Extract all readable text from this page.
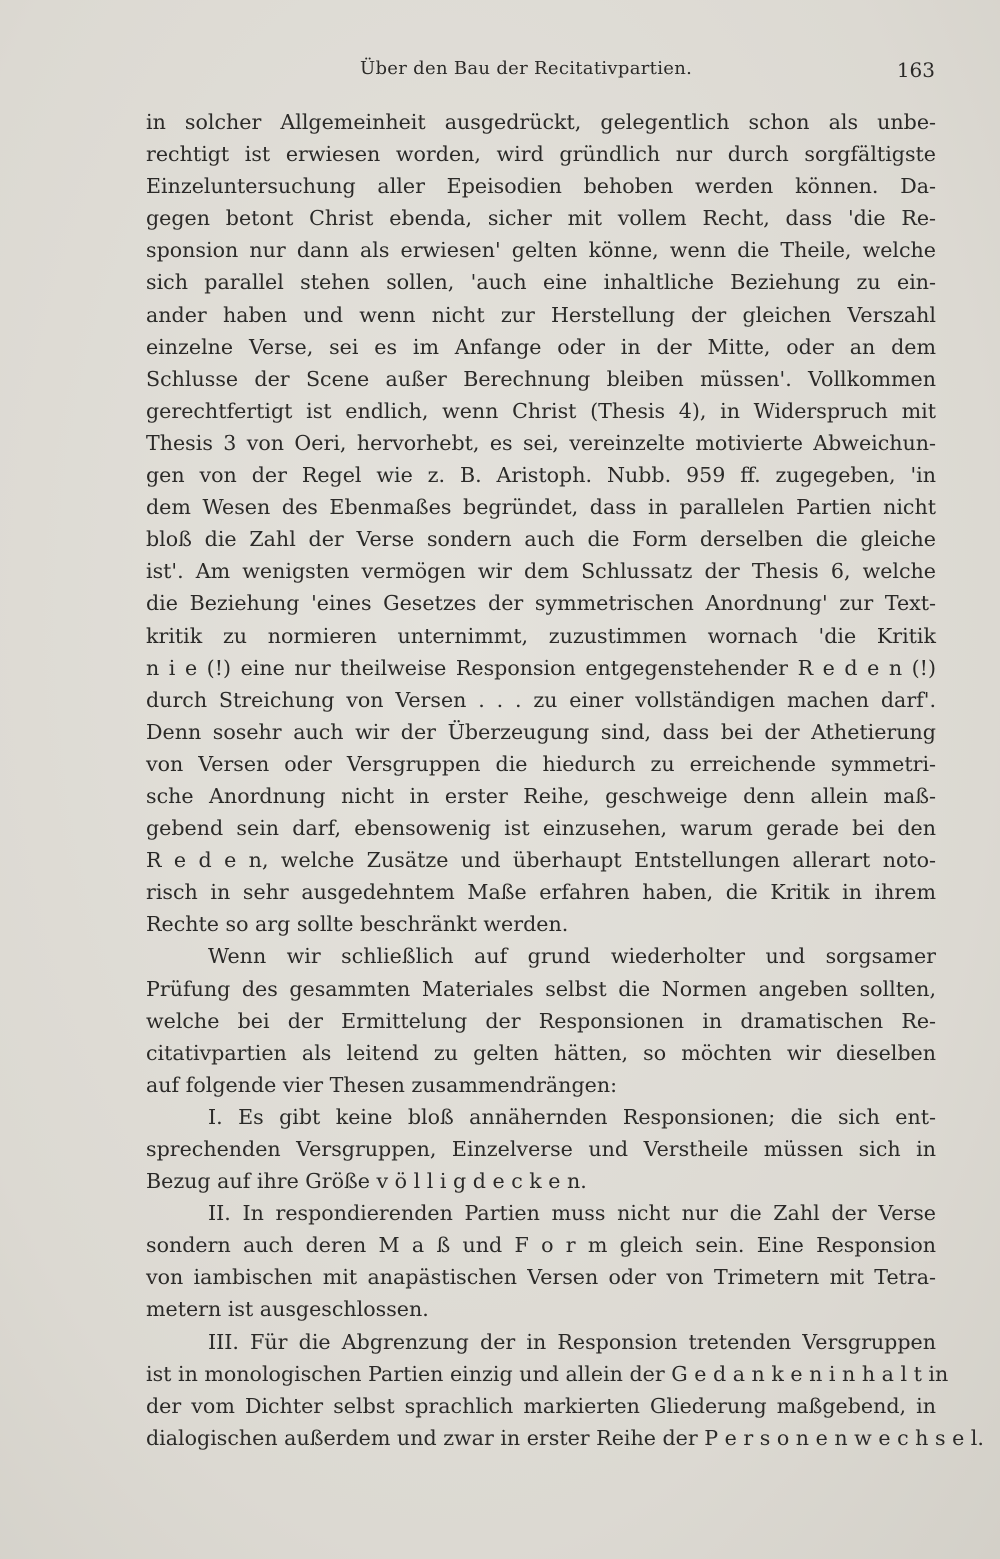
Über den Bau der Recitativpartien.	163
in solcher Allgemeinheit ausgedrückt, gelegentlich schon als unbe-
rechtigt ist erwiesen worden, wird gründlich nur durch sorgfältigste
Einzeluntersuchung aller Epeisodien behoben werden können. Da-
gegen betont Christ ebenda, sicher mit vollem Recht, dass 'die Re-
sponsion nur dann als erwiesen' gelten könne, wenn die Theile, welche
sich parallel stehen sollen, 'auch eine inhaltliche Beziehung zu ein-
ander haben und wenn nicht zur Herstellung der gleichen Verszahl
einzelne Verse, sei es im Anfange oder in der Mitte, oder an dem
Schlusse der Scene außer Berechnung bleiben müssen'. Vollkommen
gerechtfertigt ist endlich, wenn Christ (Thesis 4), in Widerspruch mit
Thesis 3 von Oeri, hervorhebt, es sei, vereinzelte motivierte Abweichun-
gen von der Regel wie z. B. Aristoph. Nubb. 959 ff. zugegeben, 'in
dem Wesen des Ebenmaßes begründet, dass in parallelen Partien nicht
bloß die Zahl der Verse sondern auch die Form derselben die gleiche
ist'. Am wenigsten vermögen wir dem Schlussatz der Thesis 6, welche
die Beziehung 'eines Gesetzes der symmetrischen Anordnung' zur Text-
kritik zu normieren unternimmt, zuzustimmen wornach 'die Kritik
n i e (!) eine nur theilweise Responsion entgegenstehender R e d e n (!)
durch Streichung von Versen . . . zu einer vollständigen machen darf'.
Denn sosehr auch wir der Überzeugung sind, dass bei der Athetierung
von Versen oder Versgruppen die hiedurch zu erreichende symmetri-
sche Anordnung nicht in erster Reihe, geschweige denn allein maß-
gebend sein darf, ebensowenig ist einzusehen, warum gerade bei den
R e d e n, welche Zusätze und überhaupt Entstellungen allerart noto-
risch in sehr ausgedehntem Maße erfahren haben, die Kritik in ihrem
Rechte so arg sollte beschränkt werden.
Wenn wir schließlich auf grund wiederholter und sorgsamer
Prüfung des gesammten Materiales selbst die Normen angeben sollten,
welche bei der Ermittelung der Responsionen in dramatischen Re-
citativpartien als leitend zu gelten hätten, so möchten wir dieselben
auf folgende vier Thesen zusammendrängen:
I. Es gibt keine bloß annähernden Responsionen; die sich ent-
sprechenden Versgruppen, Einzelverse und Verstheile müssen sich in
Bezug auf ihre Größe v ö l l i g d e c k e n.
II. In respondierenden Partien muss nicht nur die Zahl der Verse
sondern auch deren M a ß und F o r m gleich sein. Eine Responsion
von iambischen mit anapästischen Versen oder von Trimetern mit Tetra-
metern ist ausgeschlossen.
III. Für die Abgrenzung der in Responsion tretenden Versgruppen
ist in monologischen Partien einzig und allein der G e d a n k e n i n h a l t in
der vom Dichter selbst sprachlich markierten Gliederung maßgebend, in
dialogischen außerdem und zwar in erster Reihe der P e r s o n e n w e c h s e l.
